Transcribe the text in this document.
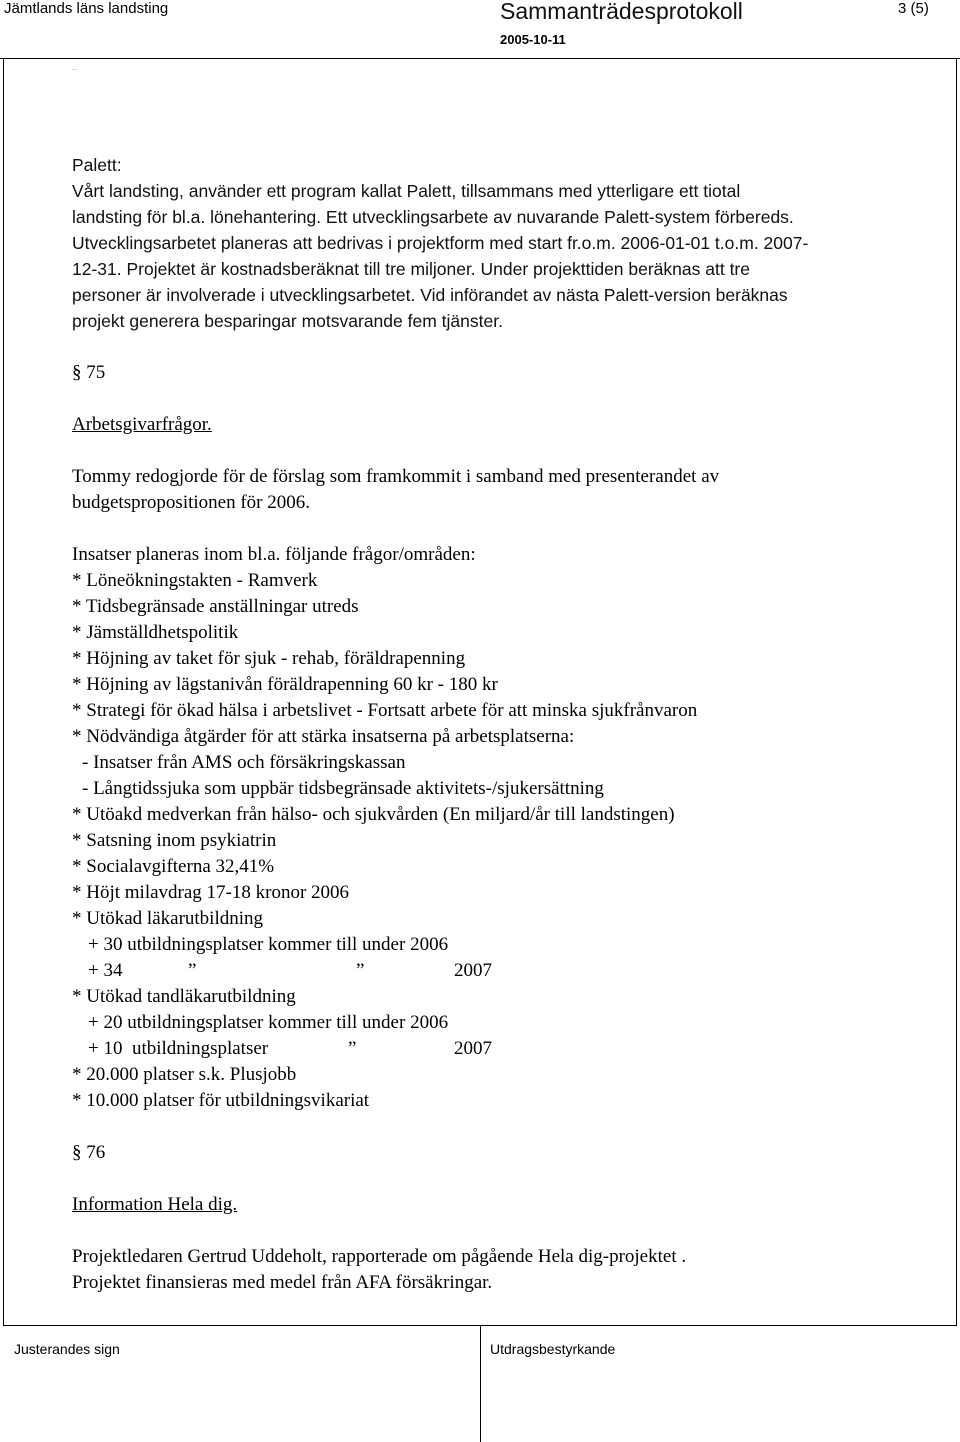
Jämtlands läns landsting	Sammanträdesprotokoll	3 (5)
2005-10-11
...

Palett:

Vårt landsting, använder ett program kallat Palett, tillsammans med ytterligare ett tiotal

landsting för bl.a. lönehantering. Ett utvecklingsarbete av nuvarande Palett-system förbereds.

Utvecklingsarbetet planeras att bedrivas i projektform med start fr.o.m. 2006-01-01 t.o.m. 2007-

12-31. Projektet är kostnadsberäknat till tre miljoner. Under projekttiden beräknas att tre

personer är involverade i utvecklingsarbetet. Vid införandet av nästa Palett-version beräknas

projekt generera besparingar motsvarande fem tjänster.

§ 75

Arbetsgivarfrågor.

Tommy redogjorde för de förslag som framkommit i samband med presenterandet av

budgetspropositionen för 2006.

Insatser planeras inom bl.a. följande frågor/områden:

* Löneökningstakten - Ramverk

* Tidsbegränsade anställningar utreds

* Jämställdhetspolitik

* Höjning av taket för sjuk - rehab, föräldrapenning

* Höjning av lägstanivån föräldrapenning 60 kr - 180 kr

* Strategi för ökad hälsa i arbetslivet - Fortsatt arbete för att minska sjukfrånvaron

* Nödvändiga åtgärder för att stärka insatserna på arbetsplatserna:

- Insatser från AMS och försäkringskassan

- Långtidssjuka som uppbär tidsbegränsade aktivitets-/sjukersättning

* Utöakd medverkan från hälso- och sjukvården (En miljard/år till landstingen)

* Satsning inom psykiatrin

* Socialavgifterna 32,41%

* Höjt milavdrag 17-18 kronor 2006

* Utökad läkarutbildning

+ 30 utbildningsplatser kommer till under 2006

+ 34	”	”	2007

* Utökad tandläkarutbildning

+ 20 utbildningsplatser kommer till under 2006

+ 10  utbildningsplatser	”	2007

* 20.000 platser s.k. Plusjobb

* 10.000 platser för utbildningsvikariat

§ 76

Information Hela dig.

Projektledaren Gertrud Uddeholt, rapporterade om pågående Hela dig-projektet .

Projektet finansieras med medel från AFA försäkringar.

Justerandes sign	Utdragsbestyrkande
